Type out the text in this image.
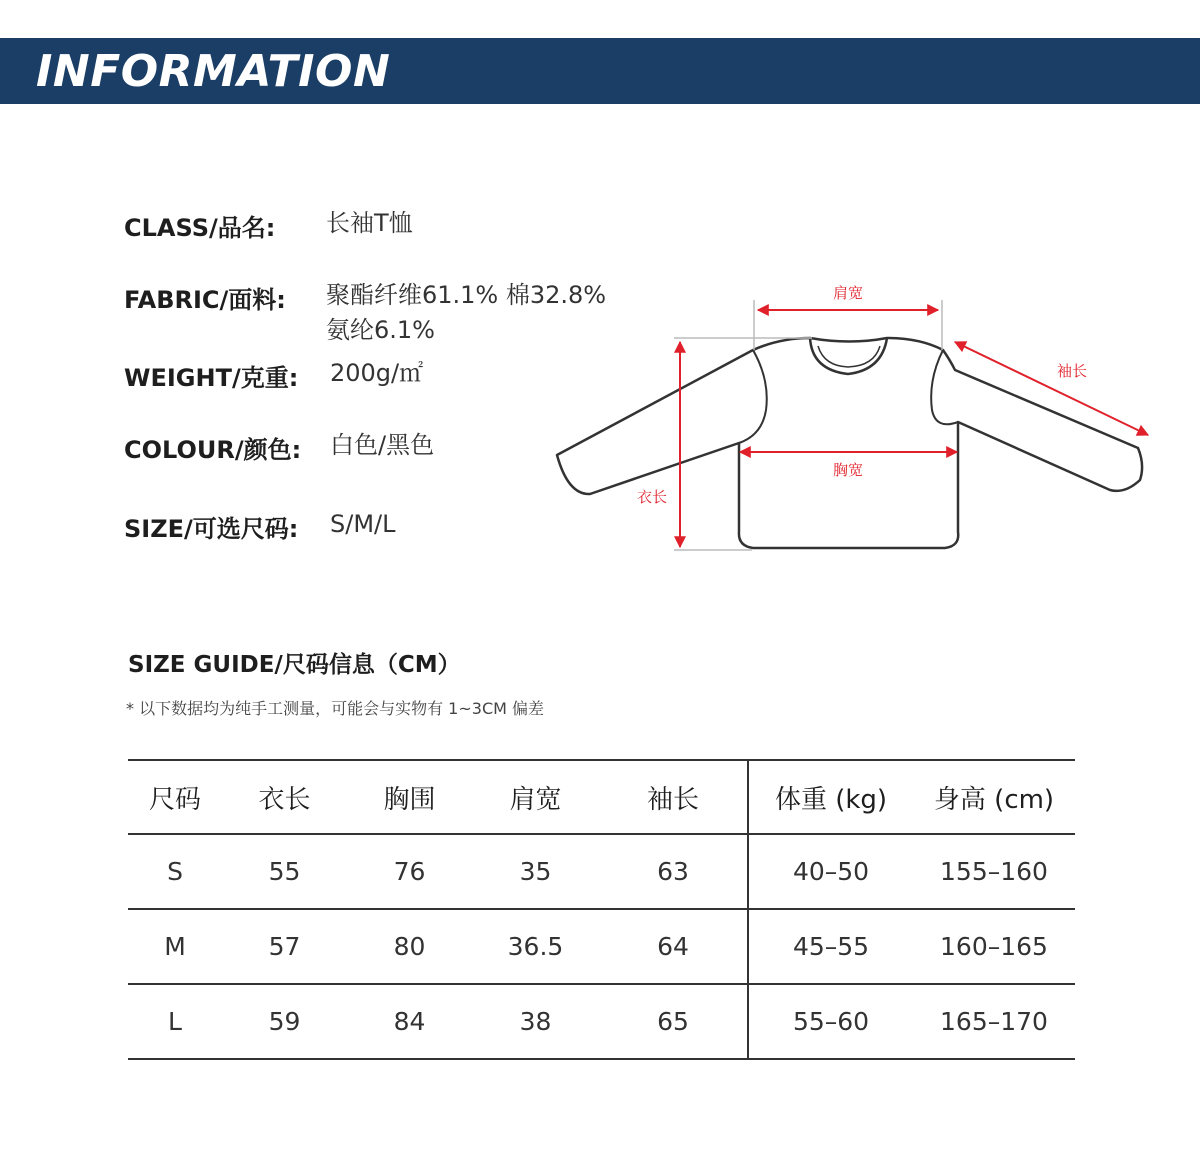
INFORMATION
CLASS/品名: 长袖T恤
FABRIC/面料: 聚酯纤维61.1% 棉32.8%
氨纶6.1%
WEIGHT/克重: 200g/㎡
COLOUR/颜色: 白色/黑色
SIZE/可选尺码: S/M/L
肩宽
袖长
胸宽
衣长
SIZE GUIDE/尺码信息（CM）
* 以下数据均为纯手工测量，可能会与实物有 1~3CM 偏差
尺码	衣长	胸围	肩宽	袖长	体重 (kg)	身高 (cm)
S	55	76	35	63	40–50	155–160
M	57	80	36.5	64	45–55	160–165
L	59	84	38	65	55–60	165–170
